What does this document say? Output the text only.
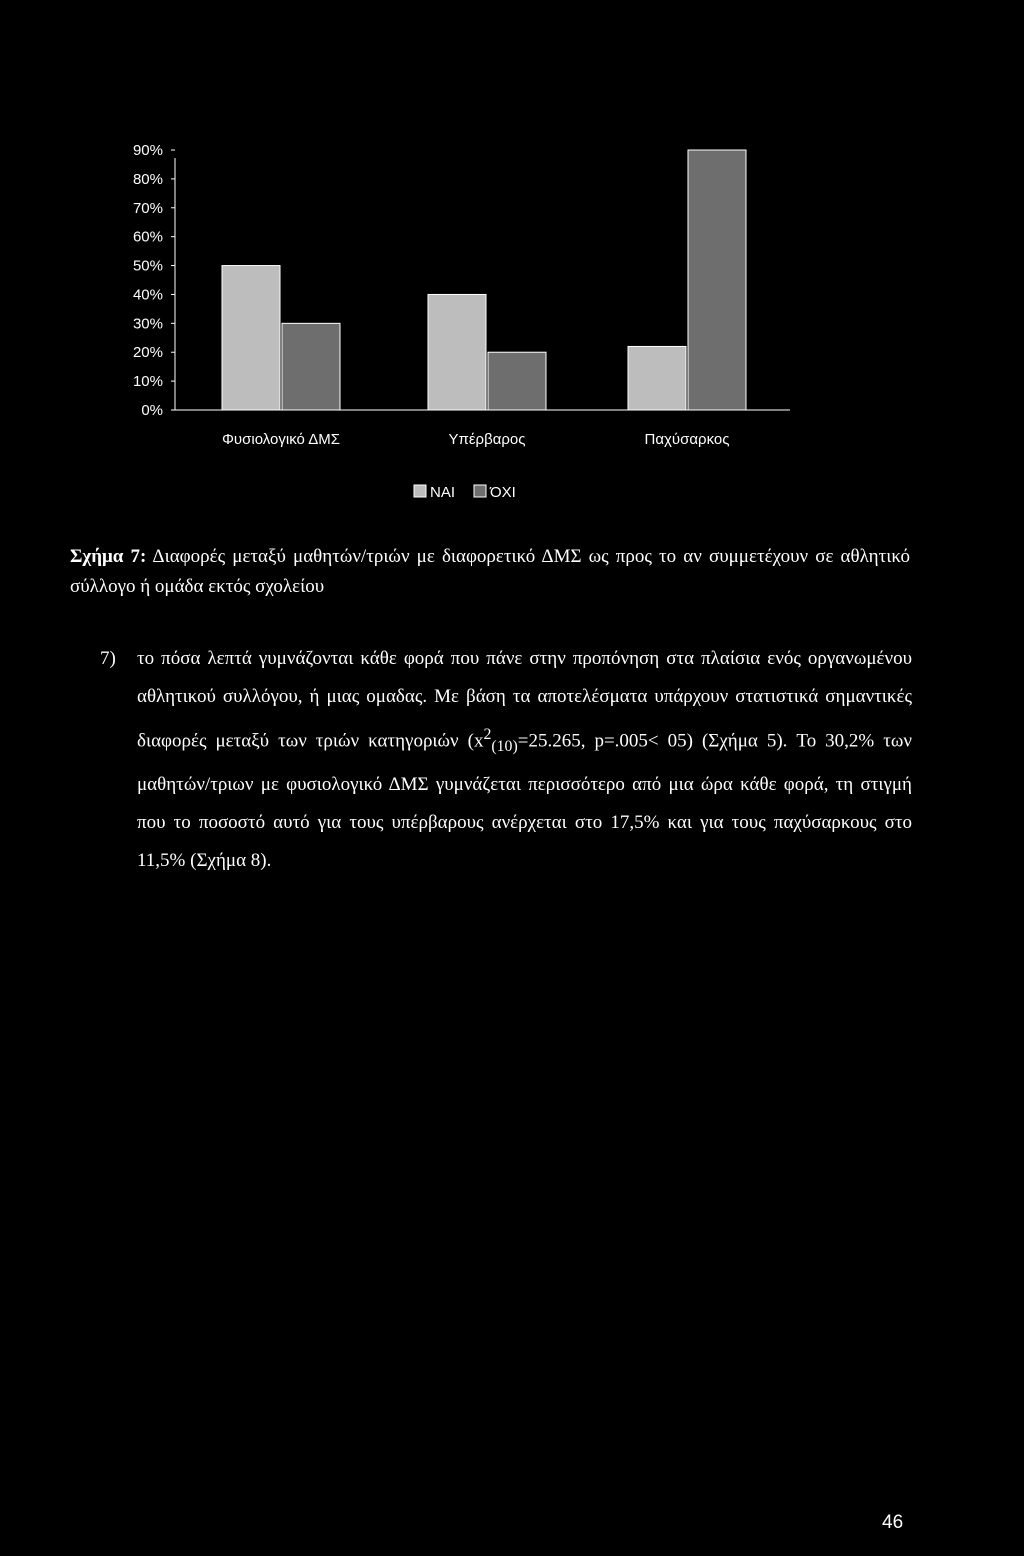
0%
10%
20%
30%
40%
50%
60%
70%
80%
90%
Φυσιολογικό ΔΜΣ	Υπέρβαρος	Παχύσαρκος
ΝΑΙ ΌΧΙ
Σχήμα 7: Διαφορές μεταξύ μαθητών/τριών με διαφορετικό ΔΜΣ ως προς το αν συμμετέχουν σε αθλητικό σύλλογο ή ομάδα εκτός σχολείου
7) το πόσα λεπτά γυμνάζονται κάθε φορά που πάνε στην προπόνηση στα πλαίσια ενός οργανωμένου αθλητικού συλλόγου, ή μιας ομαδας. Με βάση τα αποτελέσματα υπάρχουν στατιστικά σημαντικές διαφορές μεταξύ των τριών κατηγοριών ($x^2_{(10)}=25.265$, p=.005< 05) (Σχήμα 5). Το 30,2% των μαθητών/τριων με φυσιολογικό ΔΜΣ γυμνάζεται περισσότερο από μια ώρα κάθε φορά, τη στιγμή που το ποσοστό αυτό για τους υπέρβαρους ανέρχεται στο 17,5% και για τους παχύσαρκους στο 11,5% (Σχήμα 8).

46
